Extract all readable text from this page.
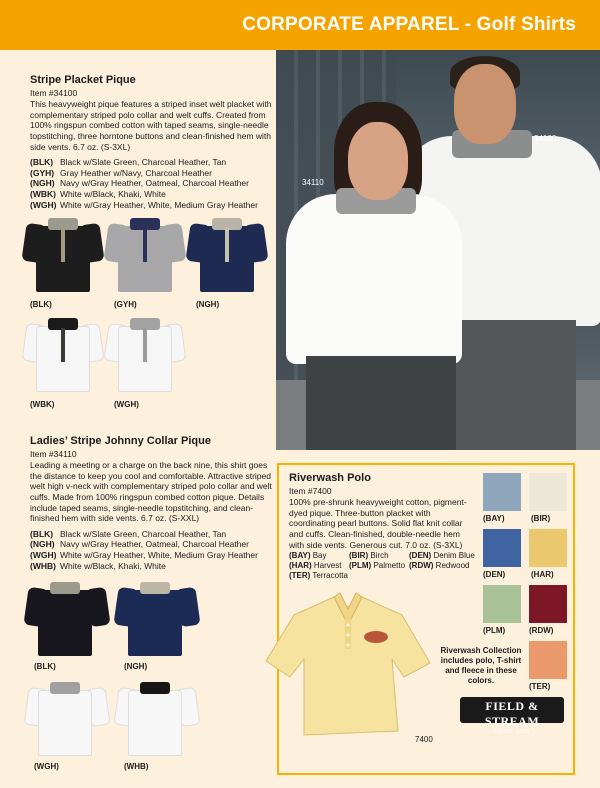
CORPORATE APPAREL - Golf Shirts
34110
34100
Stripe Placket Pique
Item #34100
This heavyweight pique features a striped inset welt placket with complementary striped polo collar and welt cuffs. Created from 100% ringspun combed cotton with taped seams, single-needle topstitching, three horntone buttons and clean-finished hem with side vents. 6.7 oz. (S-3XL)
(BLK) Black w/Slate Green, Charcoal Heather, Tan
(GYH) Gray Heather w/Navy, Charcoal Heather
(NGH) Navy w/Gray Heather, Oatmeal, Charcoal Heather
(WBK) White w/Black, Khaki, White
(WGH) White w/Gray Heather, White, Medium Gray Heather
(BLK)	(GYH)	(NGH)
(WBK)	(WGH)
Ladies’ Stripe Johnny Collar Pique
Item #34110
Leading a meeting or a charge on the back nine, this shirt goes the distance to keep you cool and comfortable. Attractive striped welt high v-neck with complementary striped polo collar and welt cuffs. Made from 100% ringspun combed cotton pique. Details include taped seams, single-needle topstitching, and clean-finished hem with side vents. 6.7 oz. (S-XXL)
(BLK) Black w/Slate Green, Charcoal Heather, Tan
(NGH) Navy w/Gray Heather, Oatmeal, Charcoal Heather
(WGH) White w/Gray Heather, White, Medium Gray Heather
(WHB) White w/Black, Khaki, White
(BLK)	(NGH)
(WGH)	(WHB)
Riverwash Polo
Item #7400
100% pre-shrunk heavyweight cotton, pigment-dyed pique. Three-button placket with coordinating pearl buttons. Solid flat knit collar and cuffs. Clean-finished, double-needle hem with side vents. Generous cut. 7.0 oz. (S-3XL)
(BAY) Bay	(BIR) Birch	(DEN) Denim Blue
(HAR) Harvest (PLM) Palmetto (RDW) Redwood
(TER) Terracotta
(BAY)	(BIR)
(DEN)	(HAR)
(PLM)	(RDW)
(TER)
7400
Riverwash Collection includes polo, T-shirt and fleece in these colors.
FIELD & STREAM
SINCE 1871
